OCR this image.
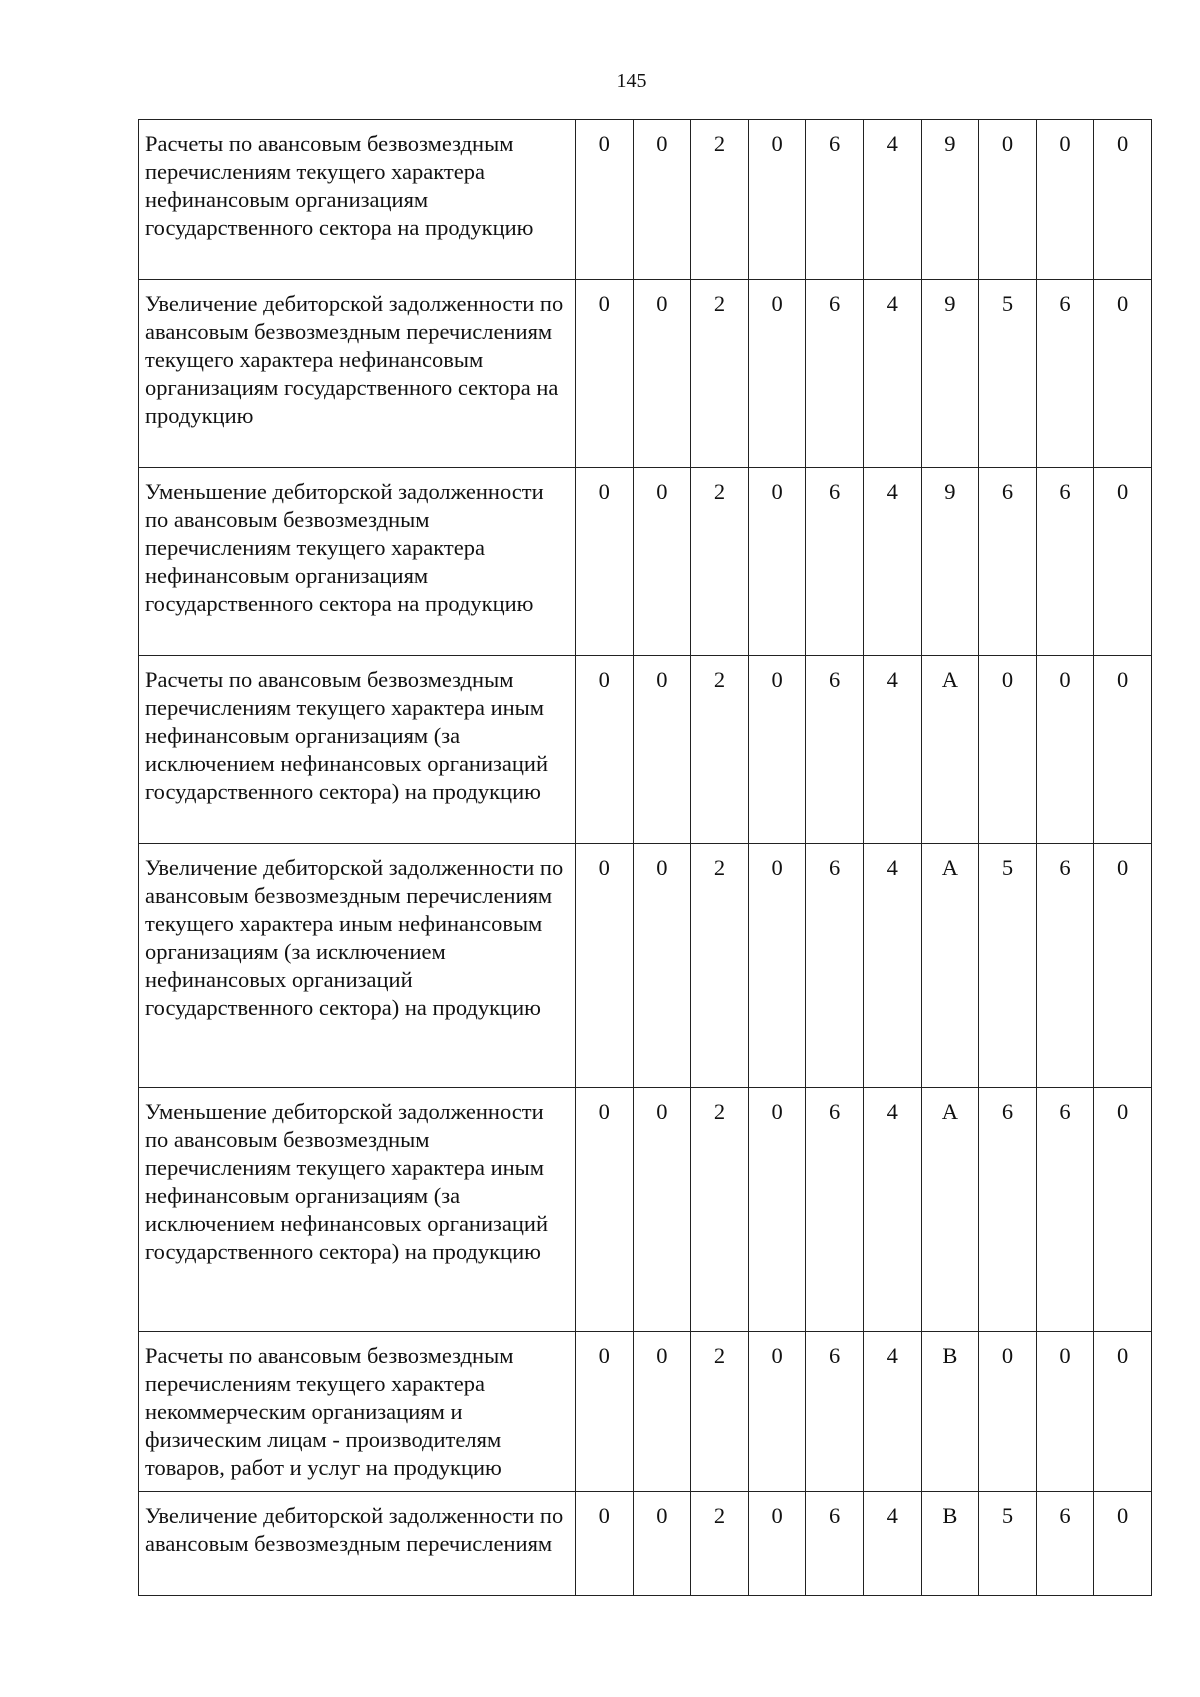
145
Расчеты по авансовым безвозмездным перечислениям текущего характера нефинансовым организациям государственного сектора на продукцию	0	0	2	0	6	4	9	0	0	0
Увеличение дебиторской задолженности по авансовым безвозмездным перечислениям текущего характера нефинансовым организациям государственного сектора на продукцию	0	0	2	0	6	4	9	5	6	0
Уменьшение дебиторской задолженности по авансовым безвозмездным перечислениям текущего характера нефинансовым организациям государственного сектора на продукцию	0	0	2	0	6	4	9	6	6	0
Расчеты по авансовым безвозмездным перечислениям текущего характера иным нефинансовым организациям (за исключением нефинансовых организаций государственного сектора) на продукцию	0	0	2	0	6	4	А	0	0	0
Увеличение дебиторской задолженности по авансовым безвозмездным перечислениям текущего характера иным нефинансовым организациям (за исключением нефинансовых организаций государственного сектора) на продукцию	0	0	2	0	6	4	А	5	6	0
Уменьшение дебиторской задолженности по авансовым безвозмездным перечислениям текущего характера иным нефинансовым организациям (за исключением нефинансовых организаций государственного сектора) на продукцию	0	0	2	0	6	4	А	6	6	0
Расчеты по авансовым безвозмездным перечислениям текущего характера некоммерческим организациям и физическим лицам - производителям товаров, работ и услуг на продукцию	0	0	2	0	6	4	В	0	0	0
Увеличение дебиторской задолженности по авансовым безвозмездным перечислениям	0	0	2	0	6	4	В	5	6	0
